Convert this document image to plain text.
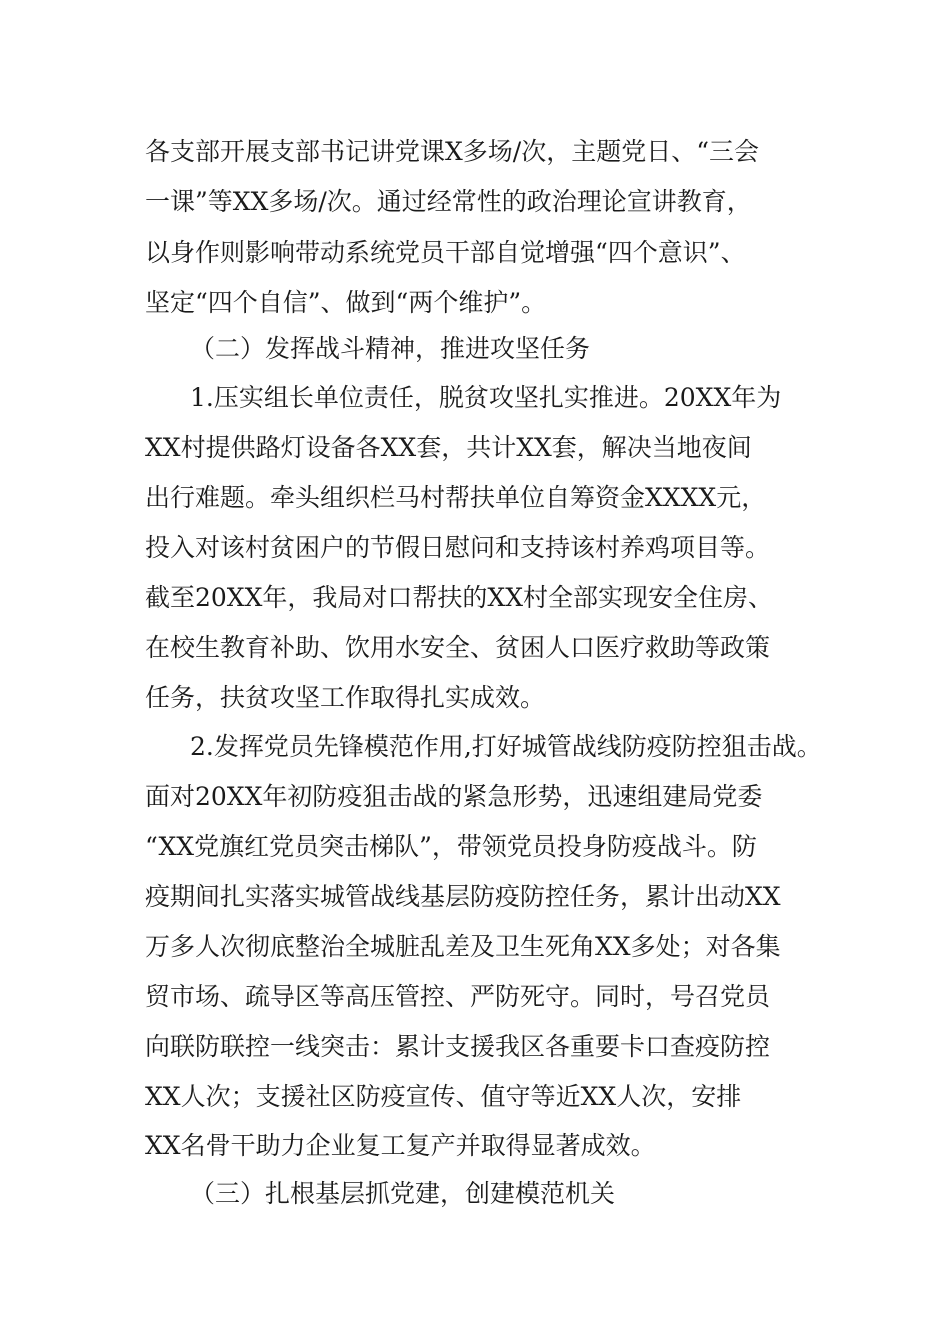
各支部开展支部书记讲党课X多场/次，主题党日、“三会
一课”等XX多场/次。通过经常性的政治理论宣讲教育，
以身作则影响带动系统党员干部自觉增强“四个意识”、
坚定“四个自信”、做到“两个维护”。
（二）发挥战斗精神，推进攻坚任务
1.压实组长单位责任，脱贫攻坚扎实推进。20XX年为
XX村提供路灯设备各XX套，共计XX套，解决当地夜间
出行难题。牵头组织栏马村帮扶单位自筹资金XXXX元，
投入对该村贫困户的节假日慰问和支持该村养鸡项目等。
截至20XX年，我局对口帮扶的XX村全部实现安全住房、
在校生教育补助、饮用水安全、贫困人口医疗救助等政策
任务，扶贫攻坚工作取得扎实成效。
2.发挥党员先锋模范作用,打好城管战线防疫防控狙击战。
面对20XX年初防疫狙击战的紧急形势，迅速组建局党委
“XX党旗红党员突击梯队”，带领党员投身防疫战斗。防
疫期间扎实落实城管战线基层防疫防控任务，累计出动XX
万多人次彻底整治全城脏乱差及卫生死角XX多处；对各集
贸市场、疏导区等高压管控、严防死守。同时，号召党员
向联防联控一线突击：累计支援我区各重要卡口查疫防控
XX人次；支援社区防疫宣传、值守等近XX人次，安排
XX名骨干助力企业复工复产并取得显著成效。
（三）扎根基层抓党建，创建模范机关
